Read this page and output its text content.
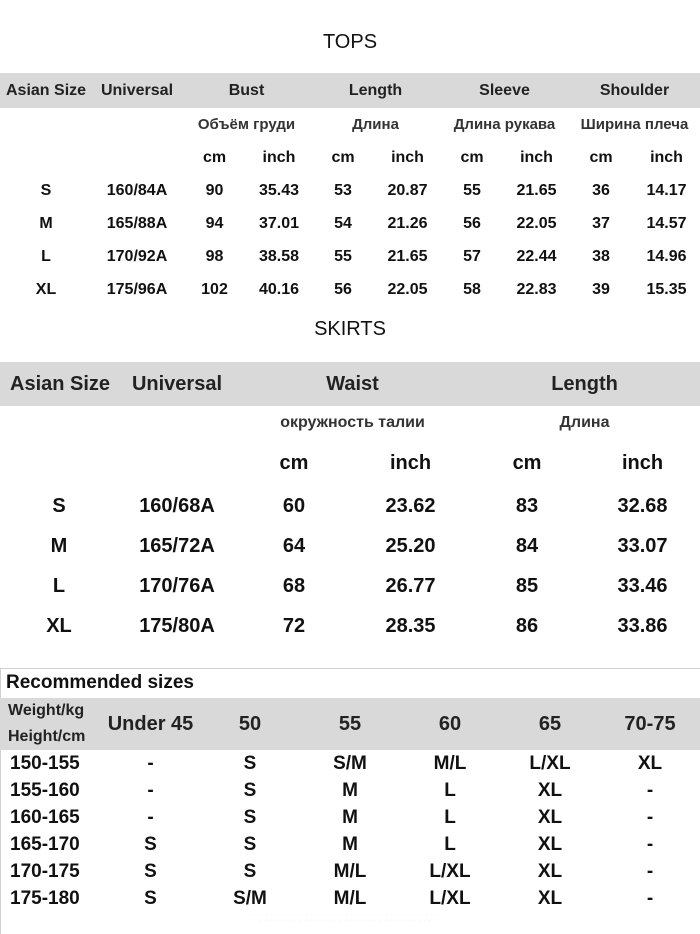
TOPS
Asian Size	Universal	Bust		Length		Sleeve		Shoulder	
		Объём груди		Длина		Длина рукава		Ширина плеча	
		cm	inch	cm	inch	cm	inch	cm	inch
S	160/84A	90	35.43	53	20.87	55	21.65	36	14.17
M	165/88A	94	37.01	54	21.26	56	22.05	37	14.57
L	170/92A	98	38.58	55	21.65	57	22.44	38	14.96
XL	175/96A	102	40.16	56	22.05	58	22.83	39	15.35
SKIRTS
Asian Size	Universal	Waist		Length	
		окружность талии		Длина	
		cm	inch	cm	inch
S	160/68A	60	23.62	83	32.68
M	165/72A	64	25.20	84	33.07
L	170/76A	68	26.77	85	33.46
XL	175/80A	72	28.35	86	33.86
Recommended sizes
Weight/kg
Height/cm	Under 45	50	55	60	65	70-75
150-155	-	S	S/M	M/L	L/XL	XL
155-160	-	S	M	L	XL	-
160-165	-	S	M	L	XL	-
165-170	S	S	M	L	XL	-
170-175	S	S	M/L	L/XL	XL	-
175-180	S	S/M	M/L	L/XL	XL	-
· · · · · · · · · · · · · · · · · · · · · · · · · · · · · · · · · · · · · · · · · · · ·
· · · · · · · · · · · · · · · · · · · · · · · · · · · · · · · · · · · · · · ·
